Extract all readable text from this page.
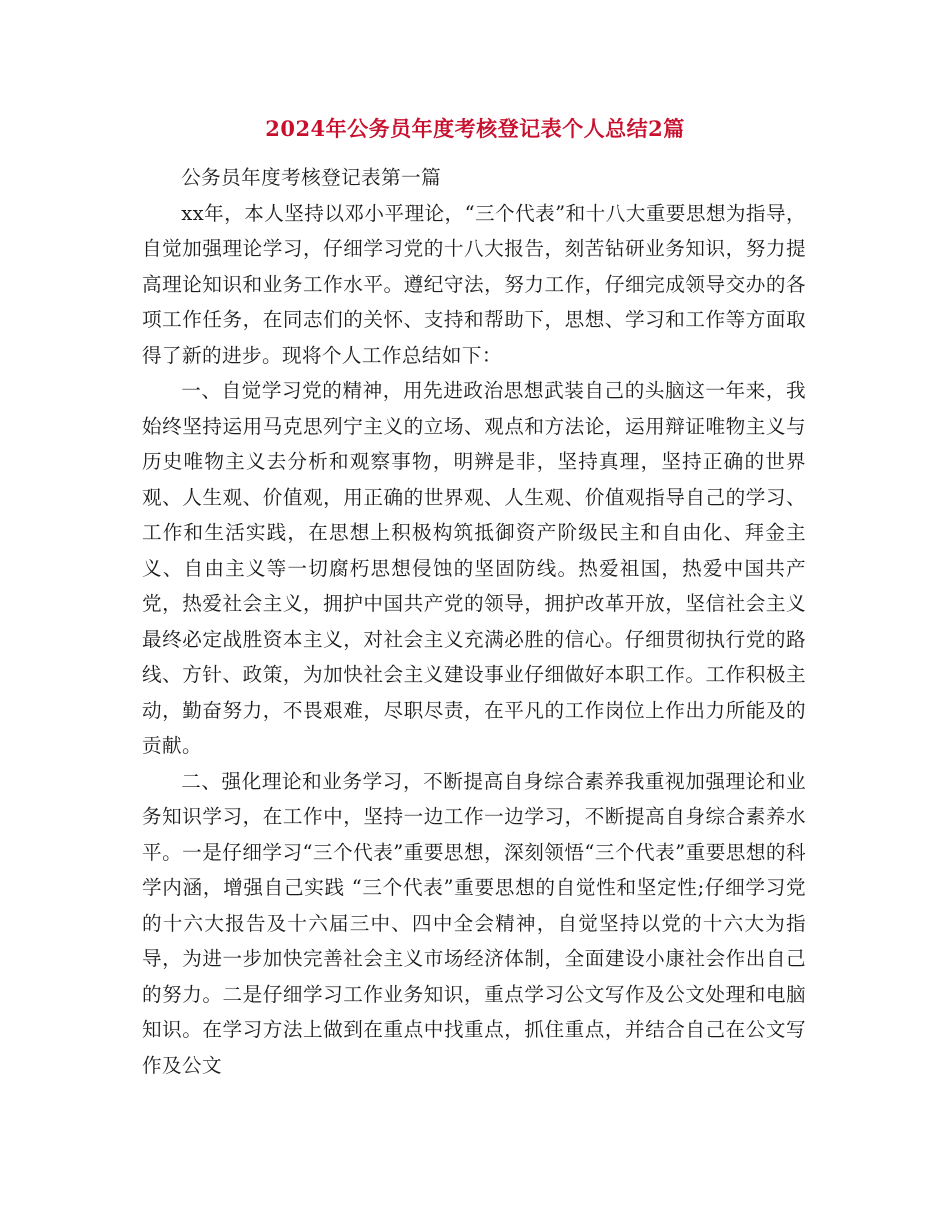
2024年公务员年度考核登记表个人总结2篇

公务员年度考核登记表第一篇

xx年，本人坚持以邓小平理论，“三个代表”和十八大重要思想为指导，自觉加强理论学习，仔细学习党的十八大报告，刻苦钻研业务知识，努力提高理论知识和业务工作水平。遵纪守法，努力工作，仔细完成领导交办的各项工作任务，在同志们的关怀、支持和帮助下，思想、学习和工作等方面取得了新的进步。现将个人工作总结如下：

一、自觉学习党的精神，用先进政治思想武装自己的头脑这一年来，我始终坚持运用马克思列宁主义的立场、观点和方法论，运用辩证唯物主义与历史唯物主义去分析和观察事物，明辨是非，坚持真理，坚持正确的世界观、人生观、价值观，用正确的世界观、人生观、价值观指导自己的学习、工作和生活实践，在思想上积极构筑抵御资产阶级民主和自由化、拜金主义、自由主义等一切腐朽思想侵蚀的坚固防线。热爱祖国，热爱中国共产党，热爱社会主义，拥护中国共产党的领导，拥护改革开放，坚信社会主义最终必定战胜资本主义，对社会主义充满必胜的信心。仔细贯彻执行党的路线、方针、政策，为加快社会主义建设事业仔细做好本职工作。工作积极主动，勤奋努力，不畏艰难，尽职尽责，在平凡的工作岗位上作出力所能及的贡献。

二、强化理论和业务学习，不断提高自身综合素养我重视加强理论和业务知识学习，在工作中，坚持一边工作一边学习，不断提高自身综合素养水平。一是仔细学习“三个代表”重要思想，深刻领悟“三个代表”重要思想的科学内涵，增强自己实践 “三个代表”重要思想的自觉性和坚定性;仔细学习党的十六大报告及十六届三中、四中全会精神，自觉坚持以党的十六大为指导，为进一步加快完善社会主义市场经济体制，全面建设小康社会作出自己的努力。二是仔细学习工作业务知识，重点学习公文写作及公文处理和电脑知识。在学习方法上做到在重点中找重点，抓住重点，并结合自己在公文写作及公文
